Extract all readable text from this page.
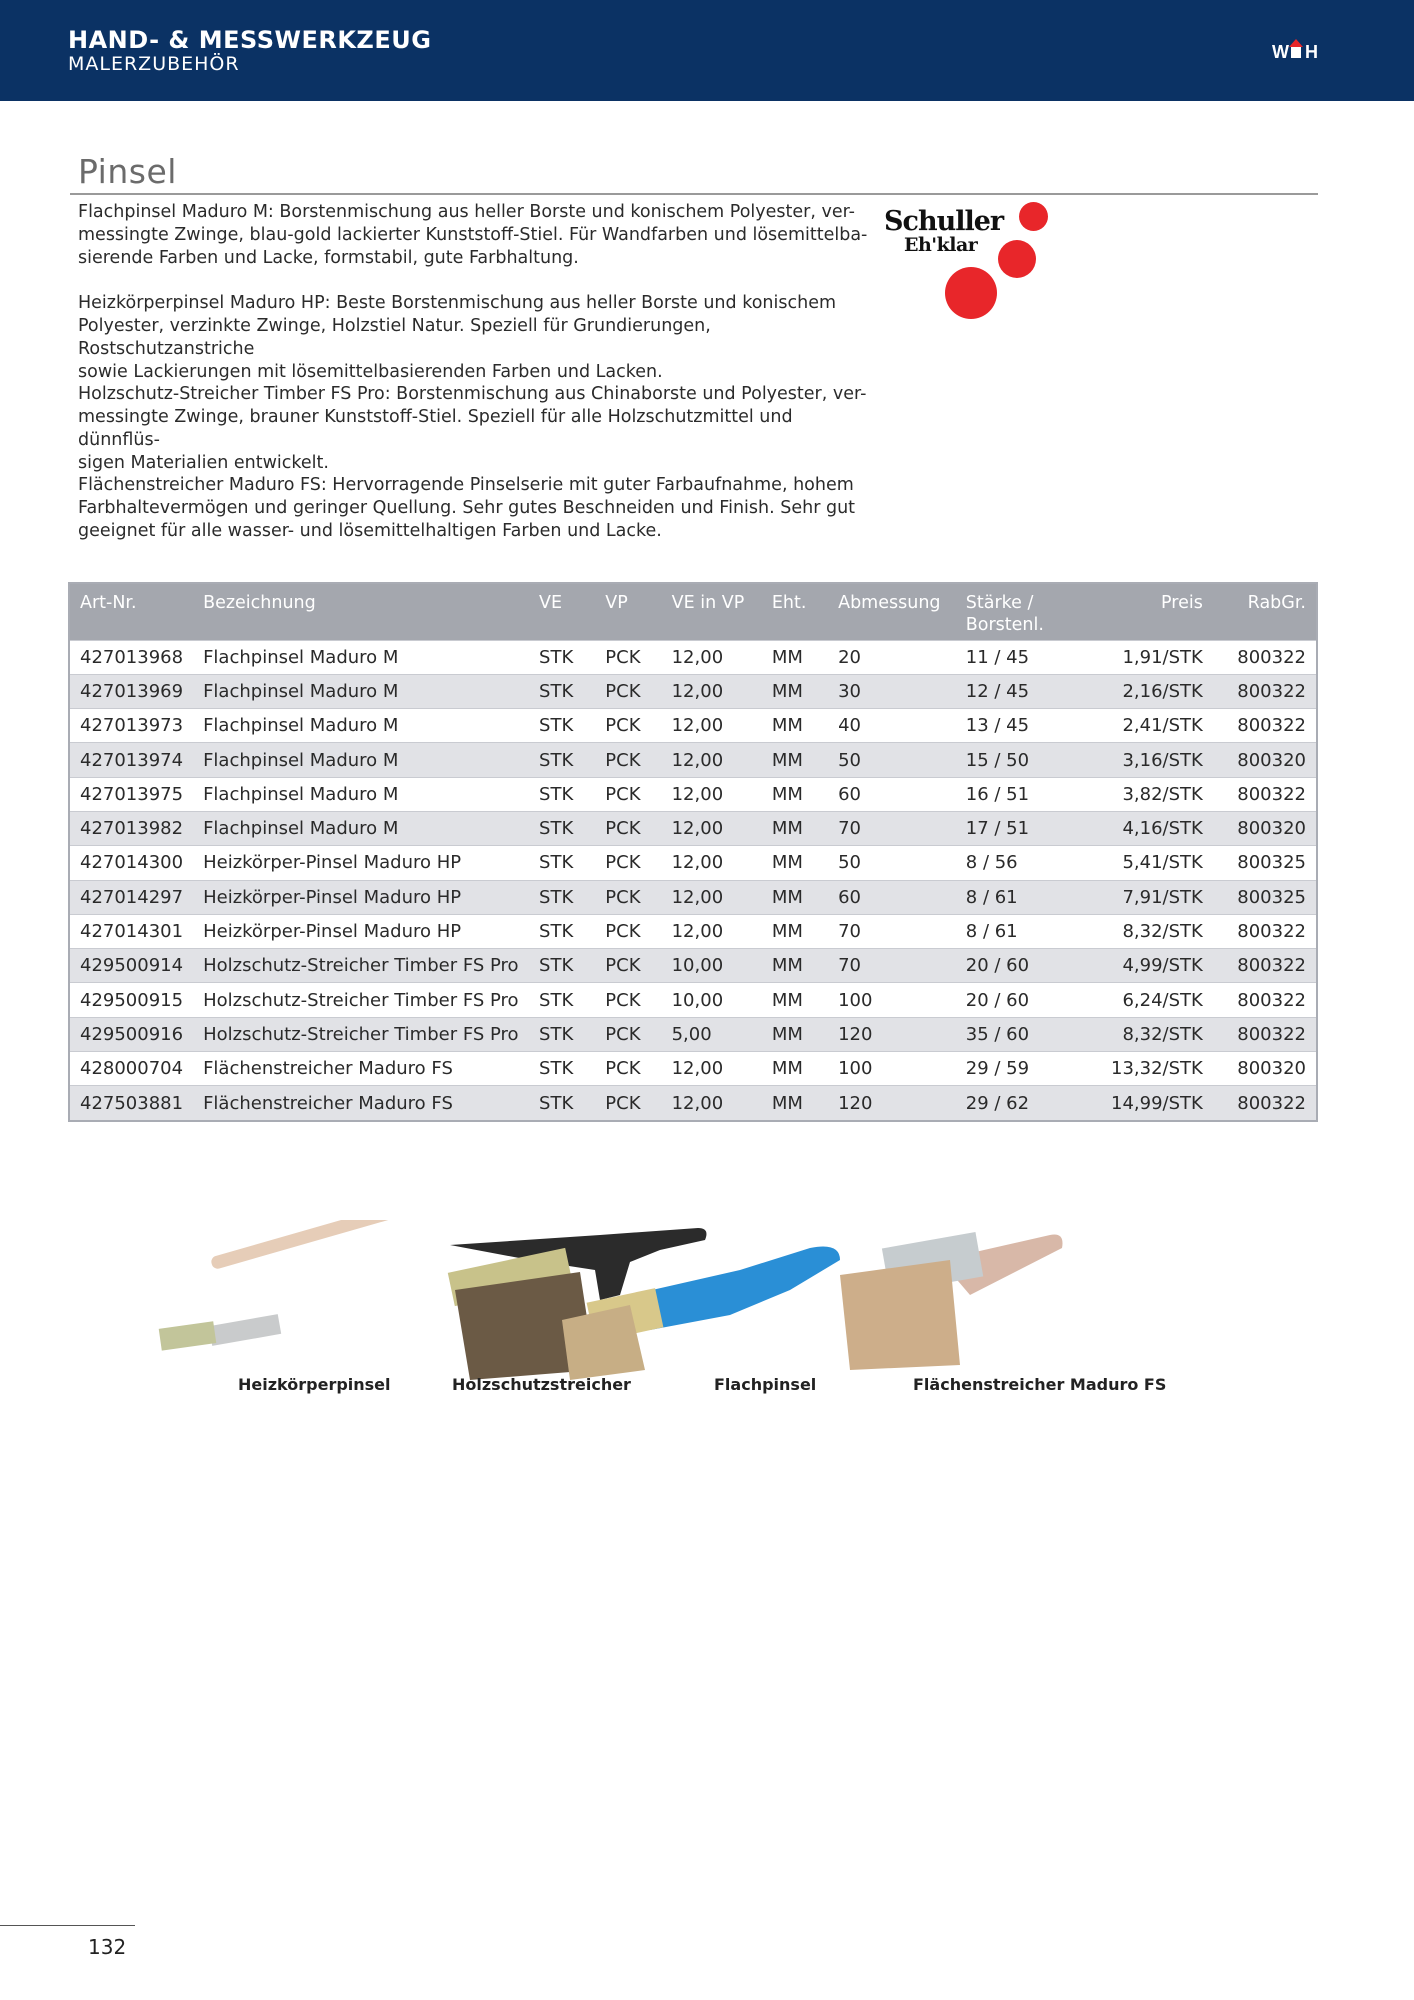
HAND- & MESSWERKZEUG
MALERZUBEHÖR
W H
Pinsel

Flachpinsel Maduro M: Borstenmischung aus heller Borste und konischem Polyester, ver-
messingte Zwinge, blau-gold lackierter Kunststoff-Stiel. Für Wandfarben und lösemittelba-
sierende Farben und Lacke, formstabil, gute Farbhaltung.

Heizkörperpinsel Maduro HP: Beste Borstenmischung aus heller Borste und konischem
Polyester, verzinkte Zwinge, Holzstiel Natur. Speziell für Grundierungen, Rostschutzanstriche
sowie Lackierungen mit lösemittelbasierenden Farben und Lacken.

Holzschutz-Streicher Timber FS Pro: Borstenmischung aus Chinaborste und Polyester, ver-
messingte Zwinge, brauner Kunststoff-Stiel. Speziell für alle Holzschutzmittel und dünnflüs-
sigen Materialien entwickelt.

Flächenstreicher Maduro FS: Hervorragende Pinselserie mit guter Farbaufnahme, hohem
Farbhaltevermögen und geringer Quellung. Sehr gutes Beschneiden und Finish. Sehr gut
geeignet für alle wasser- und lösemittelhaltigen Farben und Lacke.

Schuller
Eh'klar
Art-Nr.	Bezeichnung	VE	VP	VE in VP	Eht.	Abmessung	Stärke /
Borstenl.	Preis	RabGr.
427013968	Flachpinsel Maduro M	STK	PCK	12,00	MM	20	11 / 45	1,91/STK	800322
427013969	Flachpinsel Maduro M	STK	PCK	12,00	MM	30	12 / 45	2,16/STK	800322
427013973	Flachpinsel Maduro M	STK	PCK	12,00	MM	40	13 / 45	2,41/STK	800322
427013974	Flachpinsel Maduro M	STK	PCK	12,00	MM	50	15 / 50	3,16/STK	800320
427013975	Flachpinsel Maduro M	STK	PCK	12,00	MM	60	16 / 51	3,82/STK	800322
427013982	Flachpinsel Maduro M	STK	PCK	12,00	MM	70	17 / 51	4,16/STK	800320
427014300	Heizkörper-Pinsel Maduro HP	STK	PCK	12,00	MM	50	8 / 56	5,41/STK	800325
427014297	Heizkörper-Pinsel Maduro HP	STK	PCK	12,00	MM	60	8 / 61	7,91/STK	800325
427014301	Heizkörper-Pinsel Maduro HP	STK	PCK	12,00	MM	70	8 / 61	8,32/STK	800322
429500914	Holzschutz-Streicher Timber FS Pro	STK	PCK	10,00	MM	70	20 / 60	4,99/STK	800322
429500915	Holzschutz-Streicher Timber FS Pro	STK	PCK	10,00	MM	100	20 / 60	6,24/STK	800322
429500916	Holzschutz-Streicher Timber FS Pro	STK	PCK	5,00	MM	120	35 / 60	8,32/STK	800322
428000704	Flächenstreicher Maduro FS	STK	PCK	12,00	MM	100	29 / 59	13,32/STK	800320
427503881	Flächenstreicher Maduro FS	STK	PCK	12,00	MM	120	29 / 62	14,99/STK	800322
Heizkörperpinsel	Holzschutzstreicher	Flachpinsel	Flächenstreicher Maduro FS
132
